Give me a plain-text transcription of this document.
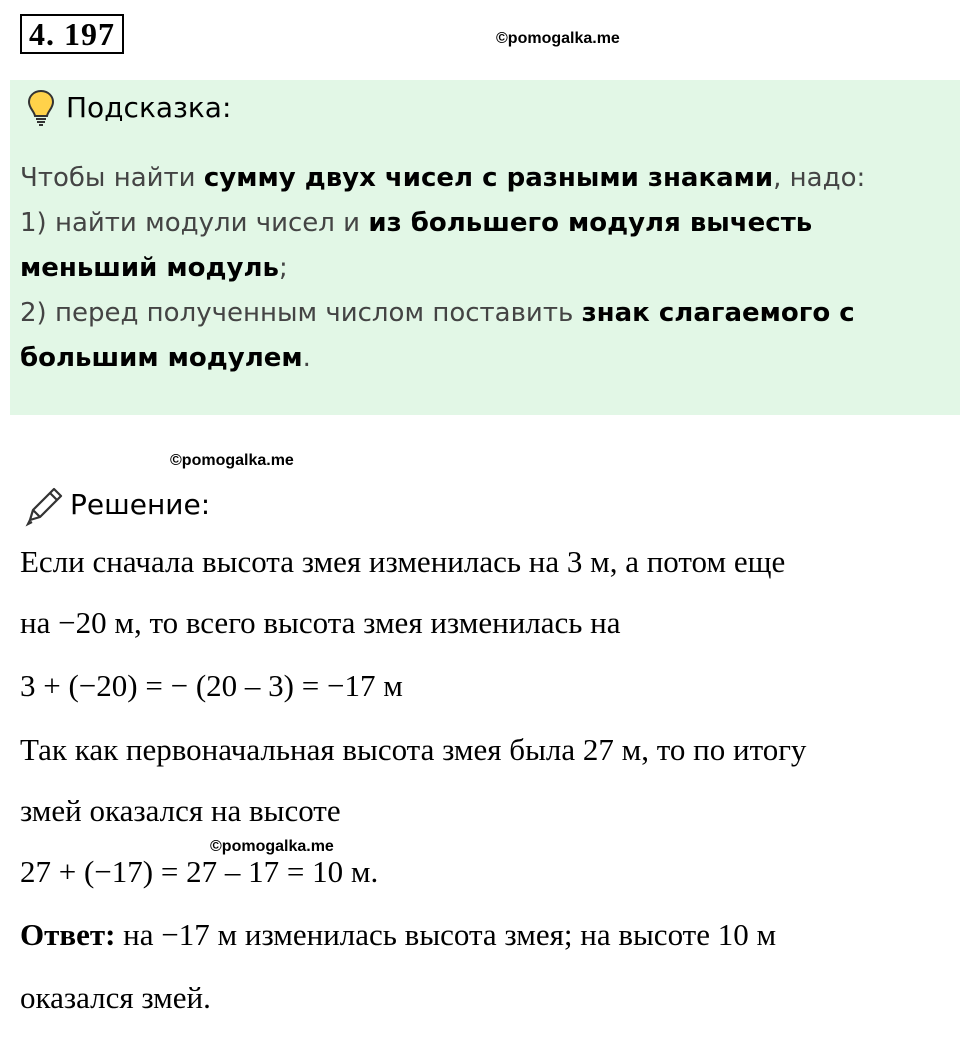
4. 197	©pomogalka.me
Подсказка:
Чтобы найти сумму двух чисел с разными знаками, надо:
1) найти модули чисел и из большего модуля вычесть
меньший модуль;
2) перед полученным числом поставить знак слагаемого с
большим модулем.
©pomogalka.me
Решение:
Если сначала высота змея изменилась на 3 м, а потом еще
на −20 м, то всего высота змея изменилась на
3 + (−20) = − (20 – 3) = −17 м
Так как первоначальная высота змея была 27 м, то по итогу
змей оказался на высоте
©pomogalka.me
27 + (−17) = 27 – 17 = 10 м.
Ответ: на −17 м изменилась высота змея; на высоте 10 м
оказался змей.
